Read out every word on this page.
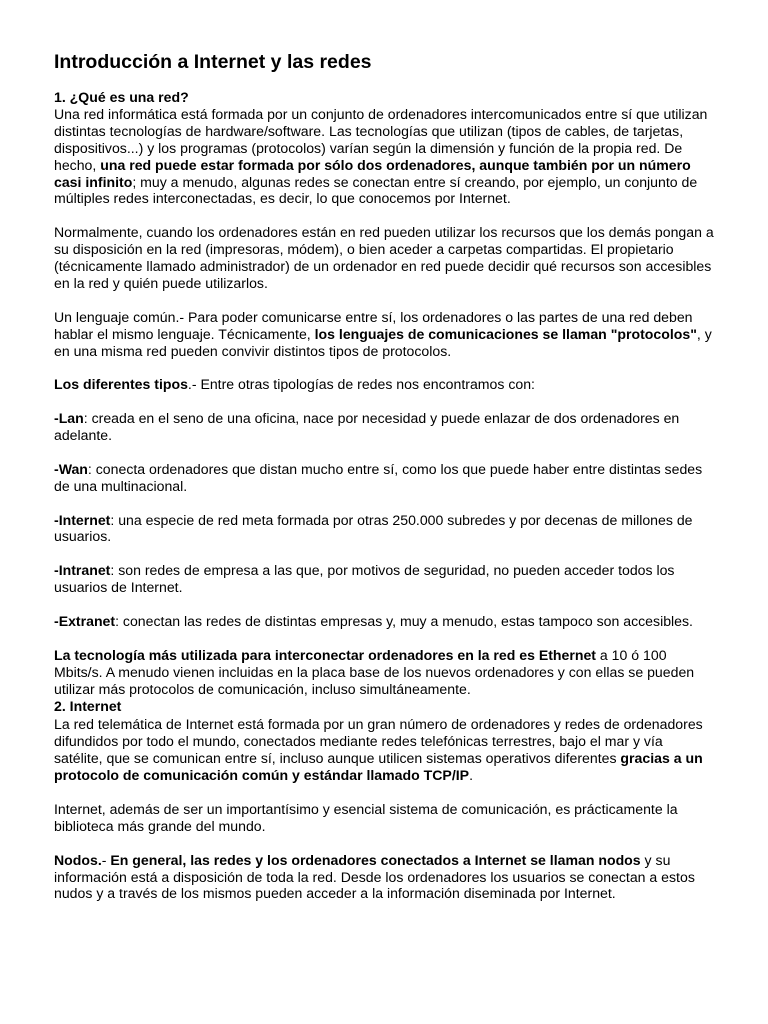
Introducción a Internet y las redes

1. ¿Qué es una red?
Una red informática está formada por un conjunto de ordenadores intercomunicados entre sí que utilizan distintas tecnologías de hardware/software. Las tecnologías que utilizan (tipos de cables, de tarjetas, dispositivos...) y los programas (protocolos) varían según la dimensión y función de la propia red. De hecho, una red puede estar formada por sólo dos ordenadores, aunque también por un número casi infinito; muy a menudo, algunas redes se conectan entre sí creando, por ejemplo, un conjunto de múltiples redes interconectadas, es decir, lo que conocemos por Internet.

Normalmente, cuando los ordenadores están en red pueden utilizar los recursos que los demás pongan a su disposición en la red (impresoras, módem), o bien aceder a carpetas compartidas. El propietario (técnicamente llamado administrador) de un ordenador en red puede decidir qué recursos son accesibles en la red y quién puede utilizarlos.

Un lenguaje común.- Para poder comunicarse entre sí, los ordenadores o las partes de una red deben hablar el mismo lenguaje. Técnicamente, los lenguajes de comunicaciones se llaman "protocolos", y en una misma red pueden convivir distintos tipos de protocolos.

Los diferentes tipos.- Entre otras tipologías de redes nos encontramos con:

-Lan: creada en el seno de una oficina, nace por necesidad y puede enlazar de dos ordenadores en adelante.

-Wan: conecta ordenadores que distan mucho entre sí, como los que puede haber entre distintas sedes de una multinacional.

-Internet: una especie de red meta formada por otras 250.000 subredes y por decenas de millones de usuarios.

-Intranet: son redes de empresa a las que, por motivos de seguridad, no pueden acceder todos los usuarios de Internet.

-Extranet: conectan las redes de distintas empresas y, muy a menudo, estas tampoco son accesibles.

La tecnología más utilizada para interconectar ordenadores en la red es Ethernet a 10 ó 100 Mbits/s. A menudo vienen incluidas en la placa base de los nuevos ordenadores y con ellas se pueden utilizar más protocolos de comunicación, incluso simultáneamente.

2. Internet

La red telemática de Internet está formada por un gran número de ordenadores y redes de ordenadores difundidos por todo el mundo, conectados mediante redes telefónicas terrestres, bajo el mar y vía satélite, que se comunican entre sí, incluso aunque utilicen sistemas operativos diferentes gracias a un protocolo de comunicación común y estándar llamado TCP/IP.

Internet, además de ser un importantísimo y esencial sistema de comunicación, es prácticamente la biblioteca más grande del mundo.

Nodos.- En general, las redes y los ordenadores conectados a Internet se llaman nodos y su información está a disposición de toda la red. Desde los ordenadores los usuarios se conectan a estos nudos y a través de los mismos pueden acceder a la información diseminada por Internet.
